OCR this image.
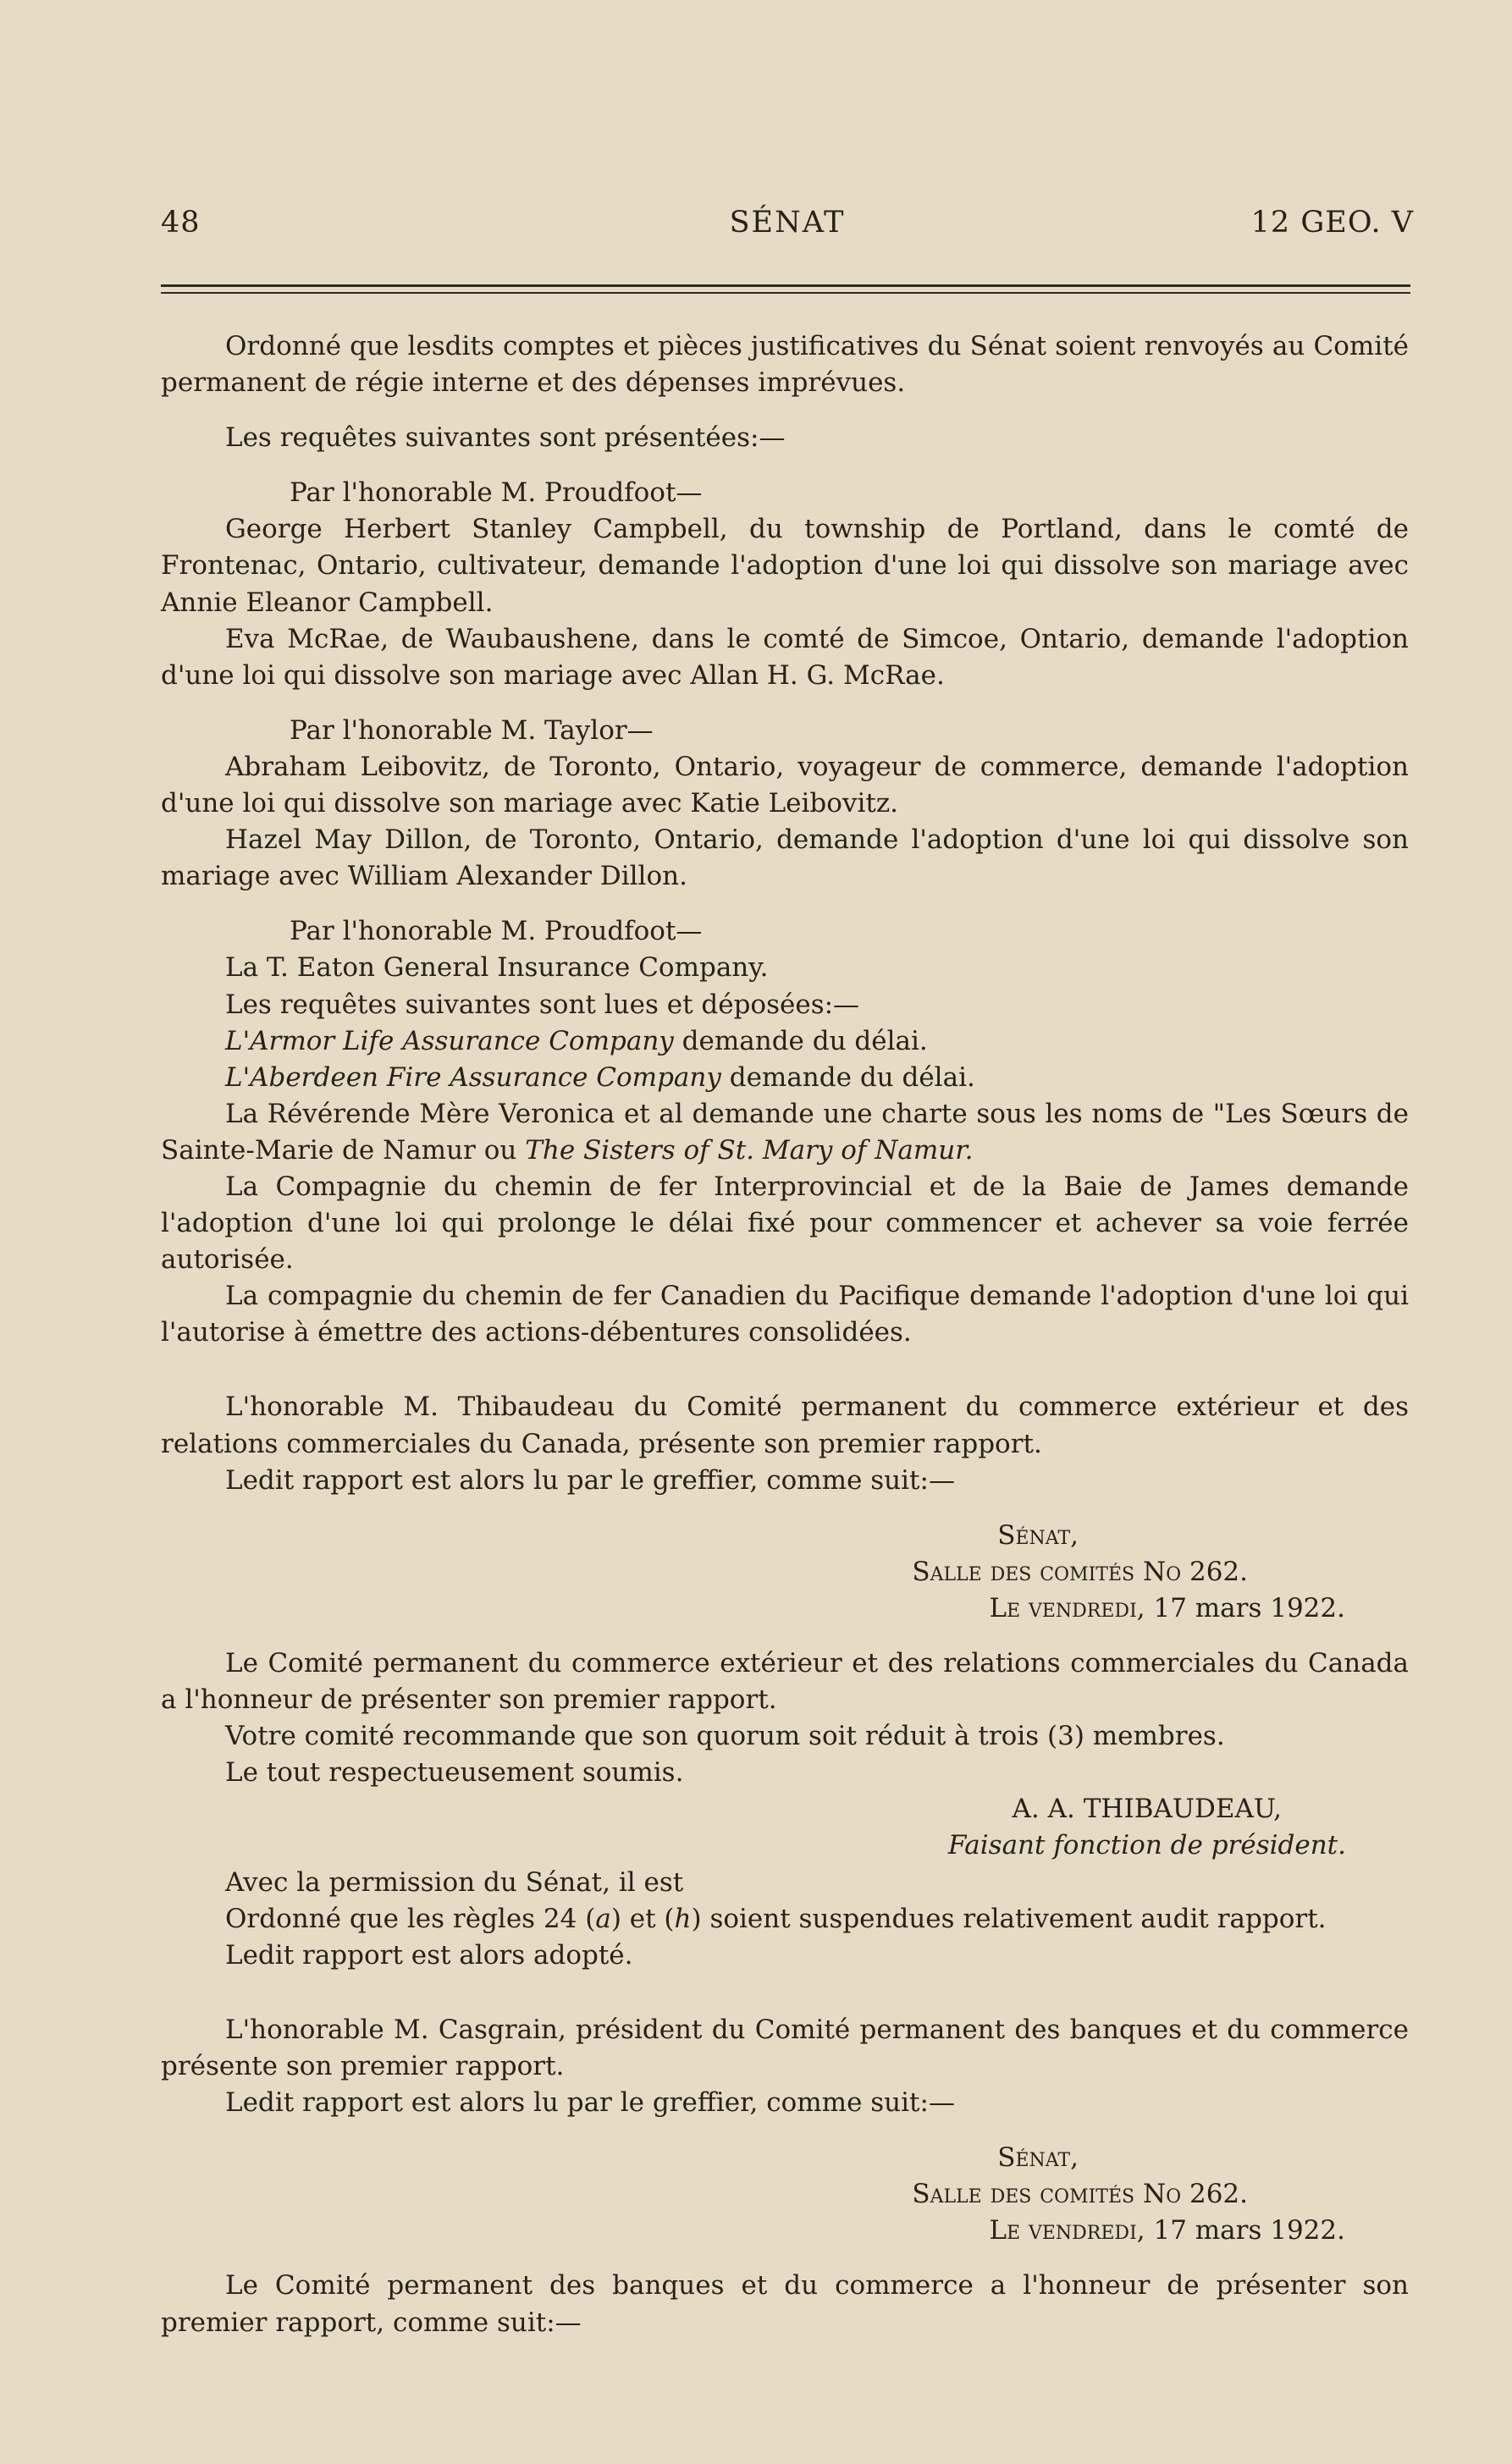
48	SÉNAT	12 GEO. V

Ordonné que lesdits comptes et pièces justificatives du Sénat soient renvoyés au Comité permanent de régie interne et des dépenses imprévues.

Les requêtes suivantes sont présentées:—

Par l'honorable M. Proudfoot—

George Herbert Stanley Campbell, du township de Portland, dans le comté de Frontenac, Ontario, cultivateur, demande l'adoption d'une loi qui dissolve son mariage avec Annie Eleanor Campbell.

Eva McRae, de Waubaushene, dans le comté de Simcoe, Ontario, demande l'adoption d'une loi qui dissolve son mariage avec Allan H. G. McRae.

Par l'honorable M. Taylor—

Abraham Leibovitz, de Toronto, Ontario, voyageur de commerce, demande l'adoption d'une loi qui dissolve son mariage avec Katie Leibovitz.

Hazel May Dillon, de Toronto, Ontario, demande l'adoption d'une loi qui dissolve son mariage avec William Alexander Dillon.

Par l'honorable M. Proudfoot—

La T. Eaton General Insurance Company.

Les requêtes suivantes sont lues et déposées:—

L'Armor Life Assurance Company demande du délai.

L'Aberdeen Fire Assurance Company demande du délai.

La Révérende Mère Veronica et al demande une charte sous les noms de "Les Sœurs de Sainte-Marie de Namur ou The Sisters of St. Mary of Namur.

La Compagnie du chemin de fer Interprovincial et de la Baie de James demande l'adoption d'une loi qui prolonge le délai fixé pour commencer et achever sa voie ferrée autorisée.

La compagnie du chemin de fer Canadien du Pacifique demande l'adoption d'une loi qui l'autorise à émettre des actions-débentures consolidées.

L'honorable M. Thibaudeau du Comité permanent du commerce extérieur et des relations commerciales du Canada, présente son premier rapport.

Ledit rapport est alors lu par le greffier, comme suit:—

Sénat,
Salle des comités No 262.
Le vendredi, 17 mars 1922.

Le Comité permanent du commerce extérieur et des relations commerciales du Canada a l'honneur de présenter son premier rapport.

Votre comité recommande que son quorum soit réduit à trois (3) membres.

Le tout respectueusement soumis.

A. A. THIBAUDEAU,
Faisant fonction de président.

Avec la permission du Sénat, il est

Ordonné que les règles 24 (a) et (h) soient suspendues relativement audit rapport.

Ledit rapport est alors adopté.

L'honorable M. Casgrain, président du Comité permanent des banques et du commerce présente son premier rapport.

Ledit rapport est alors lu par le greffier, comme suit:—

Sénat,
Salle des comités No 262.
Le vendredi, 17 mars 1922.

Le Comité permanent des banques et du commerce a l'honneur de présenter son premier rapport, comme suit:—
